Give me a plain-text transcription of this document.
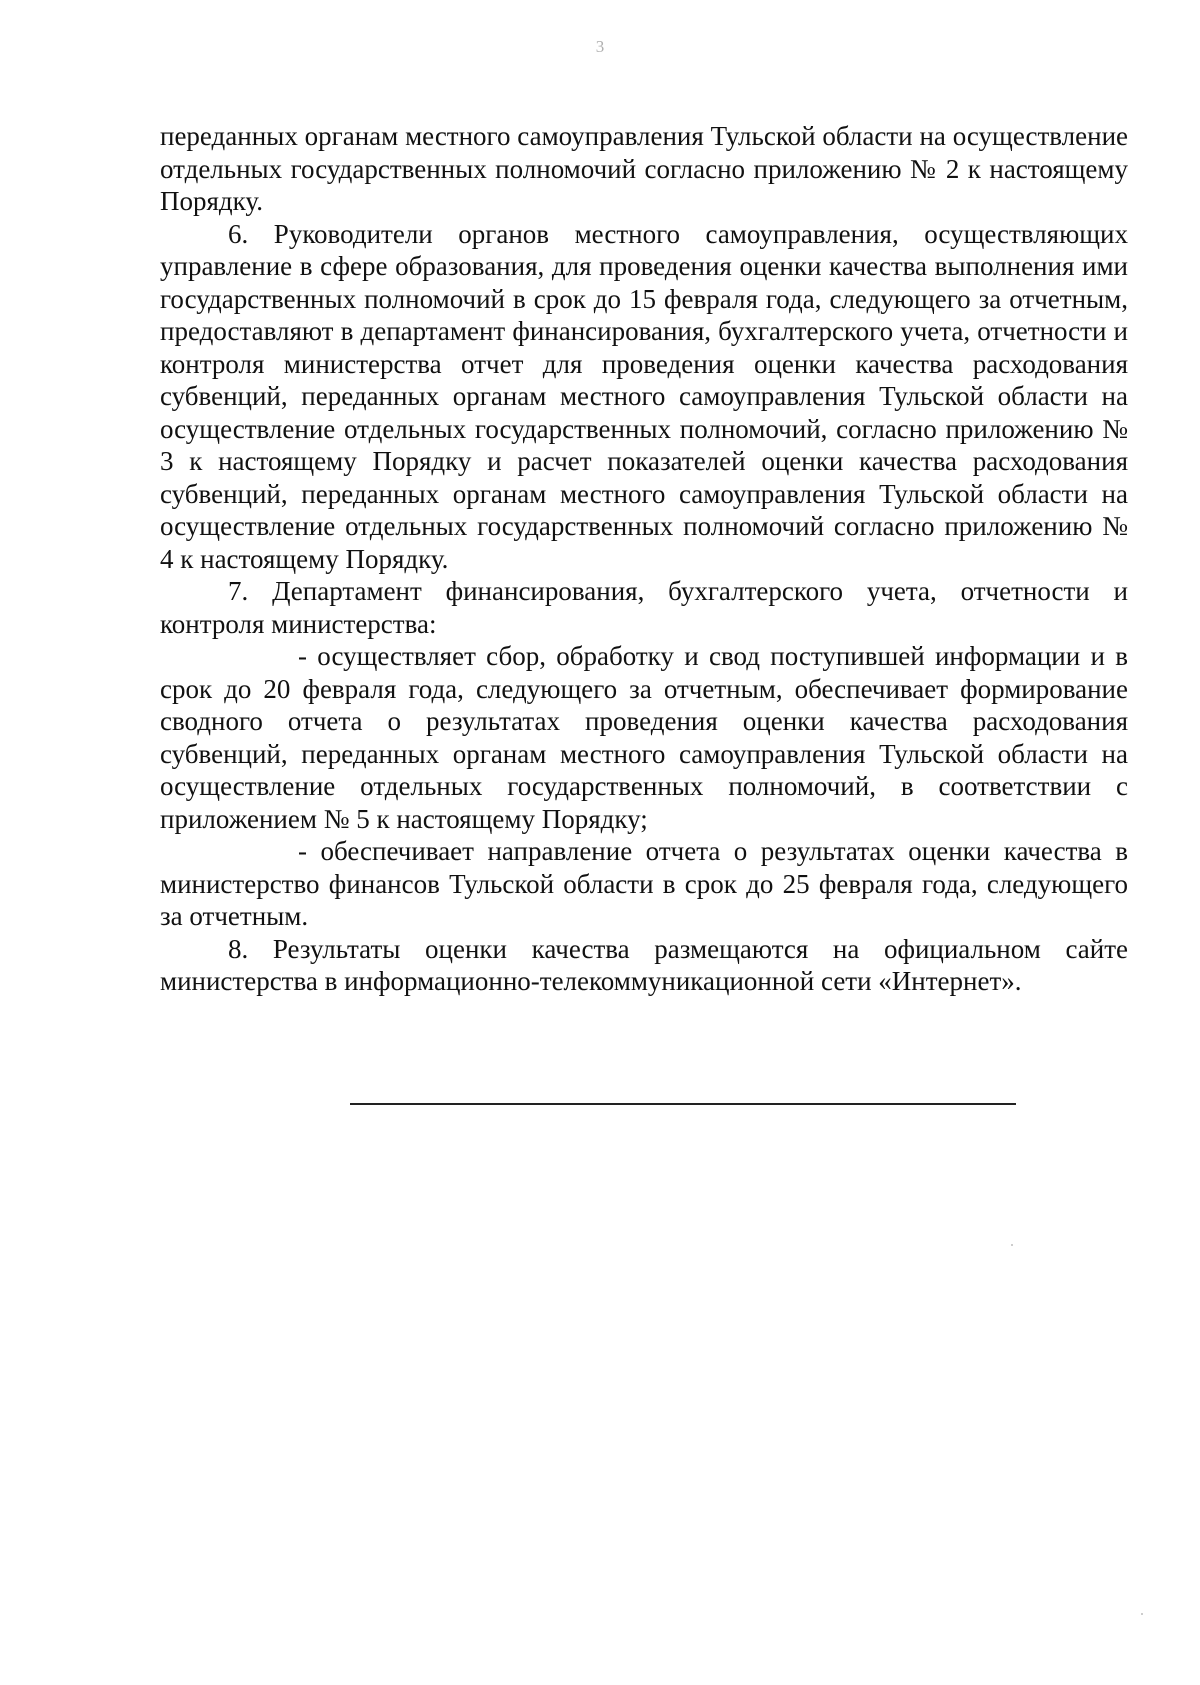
3

переданных органам местного самоуправления Тульской области на осуществление отдельных государственных полномочий согласно приложению № 2 к настоящему Порядку.

6. Руководители органов местного самоуправления, осуществляющих управление в сфере образования, для проведения оценки качества выполнения ими государственных полномочий в срок до 15 февраля года, следующего за отчетным, предоставляют в департамент финансирования, бухгалтерского учета, отчетности и контроля министерства отчет для проведения оценки качества расходования субвенций, переданных органам местного самоуправления Тульской области на осуществление отдельных государственных полномочий, согласно приложению № 3 к настоящему Порядку и расчет показателей оценки качества расходования субвенций, переданных органам местного самоуправления Тульской области на осуществление отдельных государственных полномочий согласно приложению № 4 к настоящему Порядку.

7. Департамент финансирования, бухгалтерского учета, отчетности и контроля министерства:

- осуществляет сбор, обработку и свод поступившей информации и в срок до 20 февраля года, следующего за отчетным, обеспечивает формирование сводного отчета о результатах проведения оценки качества расходования субвенций, переданных органам местного самоуправления Тульской области на осуществление отдельных государственных полномочий, в соответствии с приложением № 5 к настоящему Порядку;

- обеспечивает направление отчета о результатах оценки качества в министерство финансов Тульской области в срок до 25 февраля года, следующего за отчетным.

8. Результаты оценки качества размещаются на официальном сайте министерства в информационно-телекоммуникационной сети «Интернет».
